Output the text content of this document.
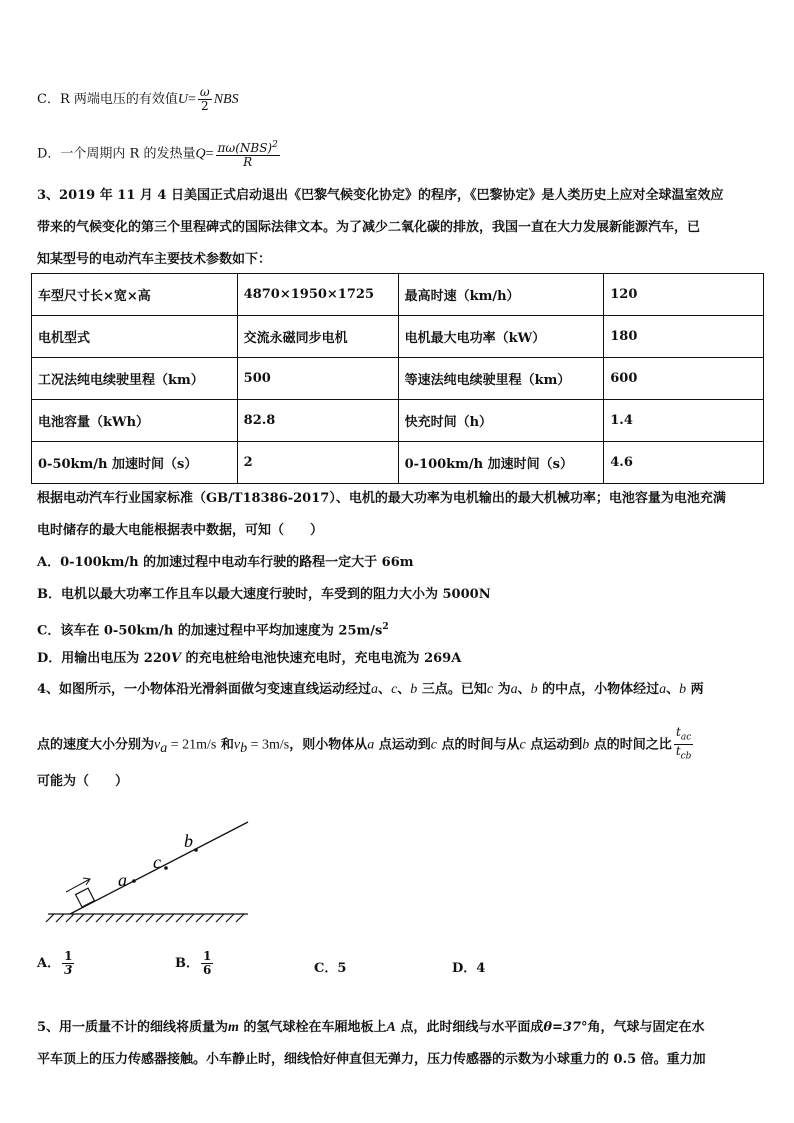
C．R 两端电压的有效值$U= \frac{\omega}{2}$ NBS
D．一个周期内 R 的发热量$Q= \frac{\pi\omega(NBS)^2}{R}$
3、2019 年 11 月 4 日美国正式启动退出《巴黎气候变化协定》的程序，《巴黎协定》是人类历史上应对全球温室效应
带来的气候变化的第三个里程碑式的国际法律文本。为了减少二氧化碳的排放，我国一直在大力发展新能源汽车，已
知某型号的电动汽车主要技术参数如下：
车型尺寸长×宽×高	4870×1950×1725	最高时速（km/h）	120
电机型式	交流永磁同步电机	电机最大电功率（kW）	180
工况法纯电续驶里程（km）	500	等速法纯电续驶里程（km）	600
电池容量（kWh）	82.8	快充时间（h）	1.4
0-50km/h 加速时间（s）	2	0-100km/h 加速时间（s）	4.6
根据电动汽车行业国家标准（GB/T18386-2017）、电机的最大功率为电机输出的最大机械功率；电池容量为电池充满
电时储存的最大电能根据表中数据，可知（　　）
A．0-100km/h 的加速过程中电动车行驶的路程一定大于 66m
B．电机以最大功率工作且车以最大速度行驶时，车受到的阻力大小为 5000N
C．该车在 0-50km/h 的加速过程中平均加速度为 $25m/s^2$
D．用输出电压为 220V 的充电桩给电池快速充电时，充电电流为 269A
4、如图所示，一小物体沿光滑斜面做匀变速直线运动经过a、c、b 三点。已知c 为a、b 的中点，小物体经过a、b 两
点的速度大小分别为$v_a = 21m/s$ 和$v_b = 3m/s$，则小物体从a 点运动到c 点的时间与从c 点运动到b 点的时间之比 $\frac{t_{ac}}{t_{cb}}$
可能为（　　）
a
c
b
A． $\frac{1}{3}$	B． $\frac{1}{6}$	C．5	D．4
5、用一质量不计的细线将质量为m 的氢气球栓在车厢地板上A 点，此时细线与水平面成θ=37°角，气球与固定在水
平车顶上的压力传感器接触。小车静止时，细线恰好伸直但无弹力，压力传感器的示数为小球重力的 0.5 倍。重力加
